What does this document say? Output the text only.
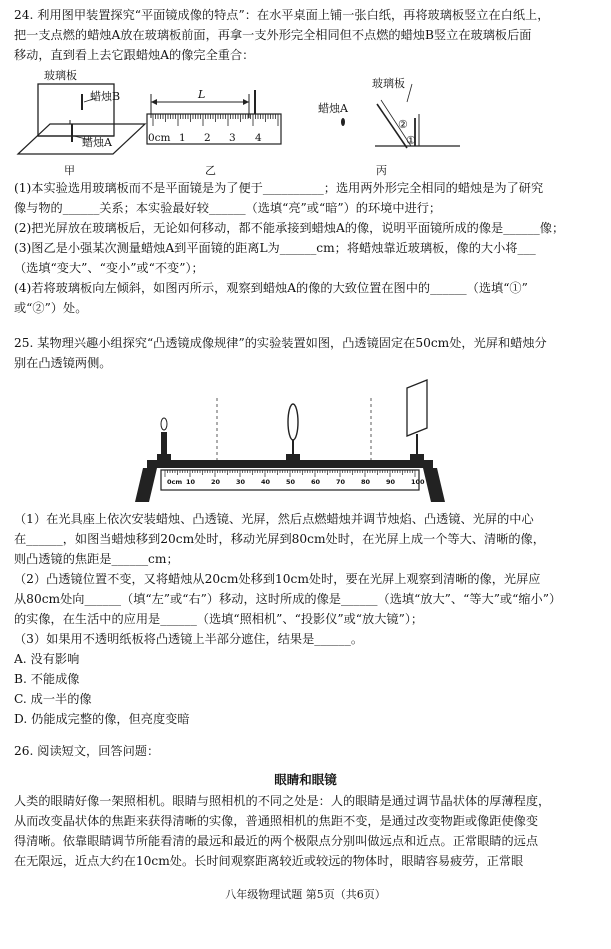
24. 利用图甲装置探究“平面镜成像的特点”：在水平桌面上铺一张白纸，再将玻璃板竖立在白纸上，
把一支点燃的蜡烛A放在玻璃板前面，再拿一支外形完全相同但不点燃的蜡烛B竖立在玻璃板后面
移动，直到看上去它跟蜡烛A的像完全重合：
玻璃板
蜡烛B
蜡烛A
甲
L
0cm 1 2 3 4
乙
玻璃板
蜡烛A
②
①
丙
(1)本实验选用玻璃板而不是平面镜是为了便于__________；选用两外形完全相同的蜡烛是为了研究
像与物的______关系；本实验最好较______（选填“亮”或“暗”）的环境中进行；
(2)把光屏放在玻璃板后，无论如何移动，都不能承接到蜡烛A的像，说明平面镜所成的像是______像；
(3)图乙是小强某次测量蜡烛A到平面镜的距离L为______cm；将蜡烛靠近玻璃板，像的大小将___
（选填“变大”、“变小”或“不变”）；
(4)若将玻璃板向左倾斜，如图丙所示，观察到蜡烛A的像的大致位置在图中的______（选填“①”
或“②”）处。
25. 某物理兴趣小组探究“凸透镜成像规律”的实验装置如图，凸透镜固定在50cm处，光屏和蜡烛分
别在凸透镜两侧。
0cm 10 20 30 40 50 60 70 80 90 100
（1）在光具座上依次安装蜡烛、凸透镜、光屏，然后点燃蜡烛并调节烛焰、凸透镜、光屏的中心
在______，如图当蜡烛移到20cm处时，移动光屏到80cm处时，在光屏上成一个等大、清晰的像，
则凸透镜的焦距是______cm；
（2）凸透镜位置不变，又将蜡烛从20cm处移到10cm处时，要在光屏上观察到清晰的像，光屏应
从80cm处向______（填“左”或“右”）移动，这时所成的像是______（选填“放大”、“等大”或“缩小”）
的实像，在生活中的应用是______（选填“照相机”、“投影仪”或“放大镜”）；
（3）如果用不透明纸板将凸透镜上半部分遮住，结果是______。
A. 没有影响
B. 不能成像
C. 成一半的像
D. 仍能成完整的像，但亮度变暗
26. 阅读短文，回答问题：
眼睛和眼镜
人类的眼睛好像一架照相机。眼睛与照相机的不同之处是：人的眼睛是通过调节晶状体的厚薄程度，
从而改变晶状体的焦距来获得清晰的实像，普通照相机的焦距不变，是通过改变物距或像距使像变
得清晰。依靠眼睛调节所能看清的最远和最近的两个极限点分别叫做远点和近点。正常眼睛的远点
在无限远，近点大约在10cm处。长时间观察距离较近或较远的物体时，眼睛容易疲劳，正常眼
八年级物理试题 第5页（共6页）
